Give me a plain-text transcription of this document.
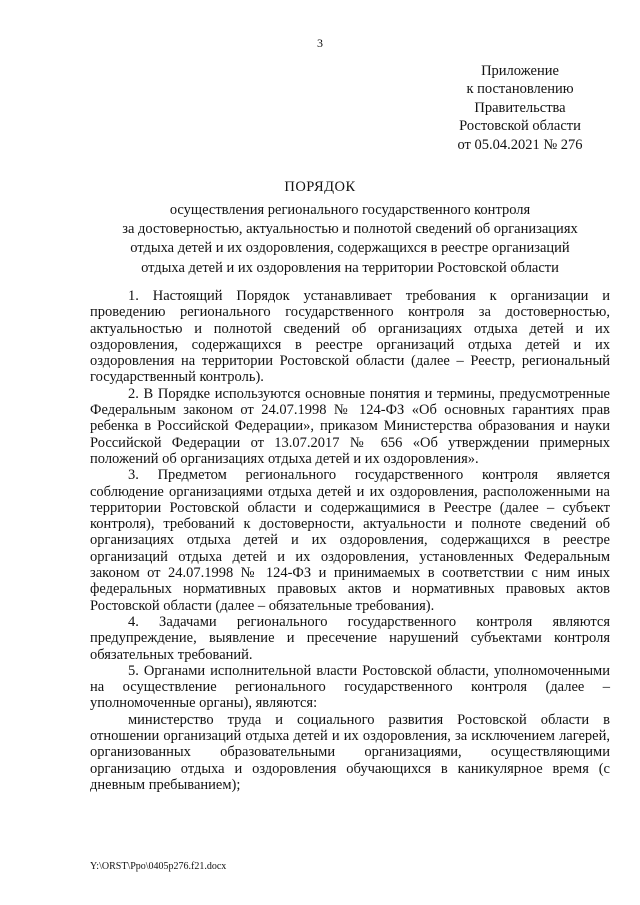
3
Приложение
к постановлению
Правительства
Ростовской области
от 05.04.2021 № 276
ПОРЯДОК
осуществления регионального государственного контроля
за достоверностью, актуальностью и полнотой сведений об организациях
отдыха детей и их оздоровления, содержащихся в реестре организаций
отдыха детей и их оздоровления на территории Ростовской области

1. Настоящий Порядок устанавливает требования к организации и проведению регионального государственного контроля за достоверностью, актуальностью и полнотой сведений об организациях отдыха детей и их оздоровления, содержащихся в реестре организаций отдыха детей и их оздоровления на территории Ростовской области (далее – Реестр, региональный государственный контроль).

2. В Порядке используются основные понятия и термины, предусмотренные Федеральным законом от 24.07.1998 № 124-ФЗ «Об основных гарантиях прав ребенка в Российской Федерации», приказом Министерства образования и науки Российской Федерации от 13.07.2017 № 656 «Об утверждении примерных положений об организациях отдыха детей и их оздоровления».

3. Предметом регионального государственного контроля является соблюдение организациями отдыха детей и их оздоровления, расположенными на территории Ростовской области и содержащимися в Реестре (далее – субъект контроля), требований к достоверности, актуальности и полноте сведений об организациях отдыха детей и их оздоровления, содержащихся в реестре организаций отдыха детей и их оздоровления, установленных Федеральным законом от 24.07.1998 № 124-ФЗ и принимаемых в соответствии с ним иных федеральных нормативных правовых актов и нормативных правовых актов Ростовской области (далее – обязательные требования).

4. Задачами регионального государственного контроля являются предупреждение, выявление и пресечение нарушений субъектами контроля обязательных требований.

5. Органами исполнительной власти Ростовской области, уполномоченными на осуществление регионального государственного контроля (далее – уполномоченные органы), являются:

министерство труда и социального развития Ростовской области в отношении организаций отдыха детей и их оздоровления, за исключением лагерей, организованных образовательными организациями, осуществляющими организацию отдыха и оздоровления обучающихся в каникулярное время (с дневным пребыванием);

Y:\ORST\Ppo\0405p276.f21.docx
